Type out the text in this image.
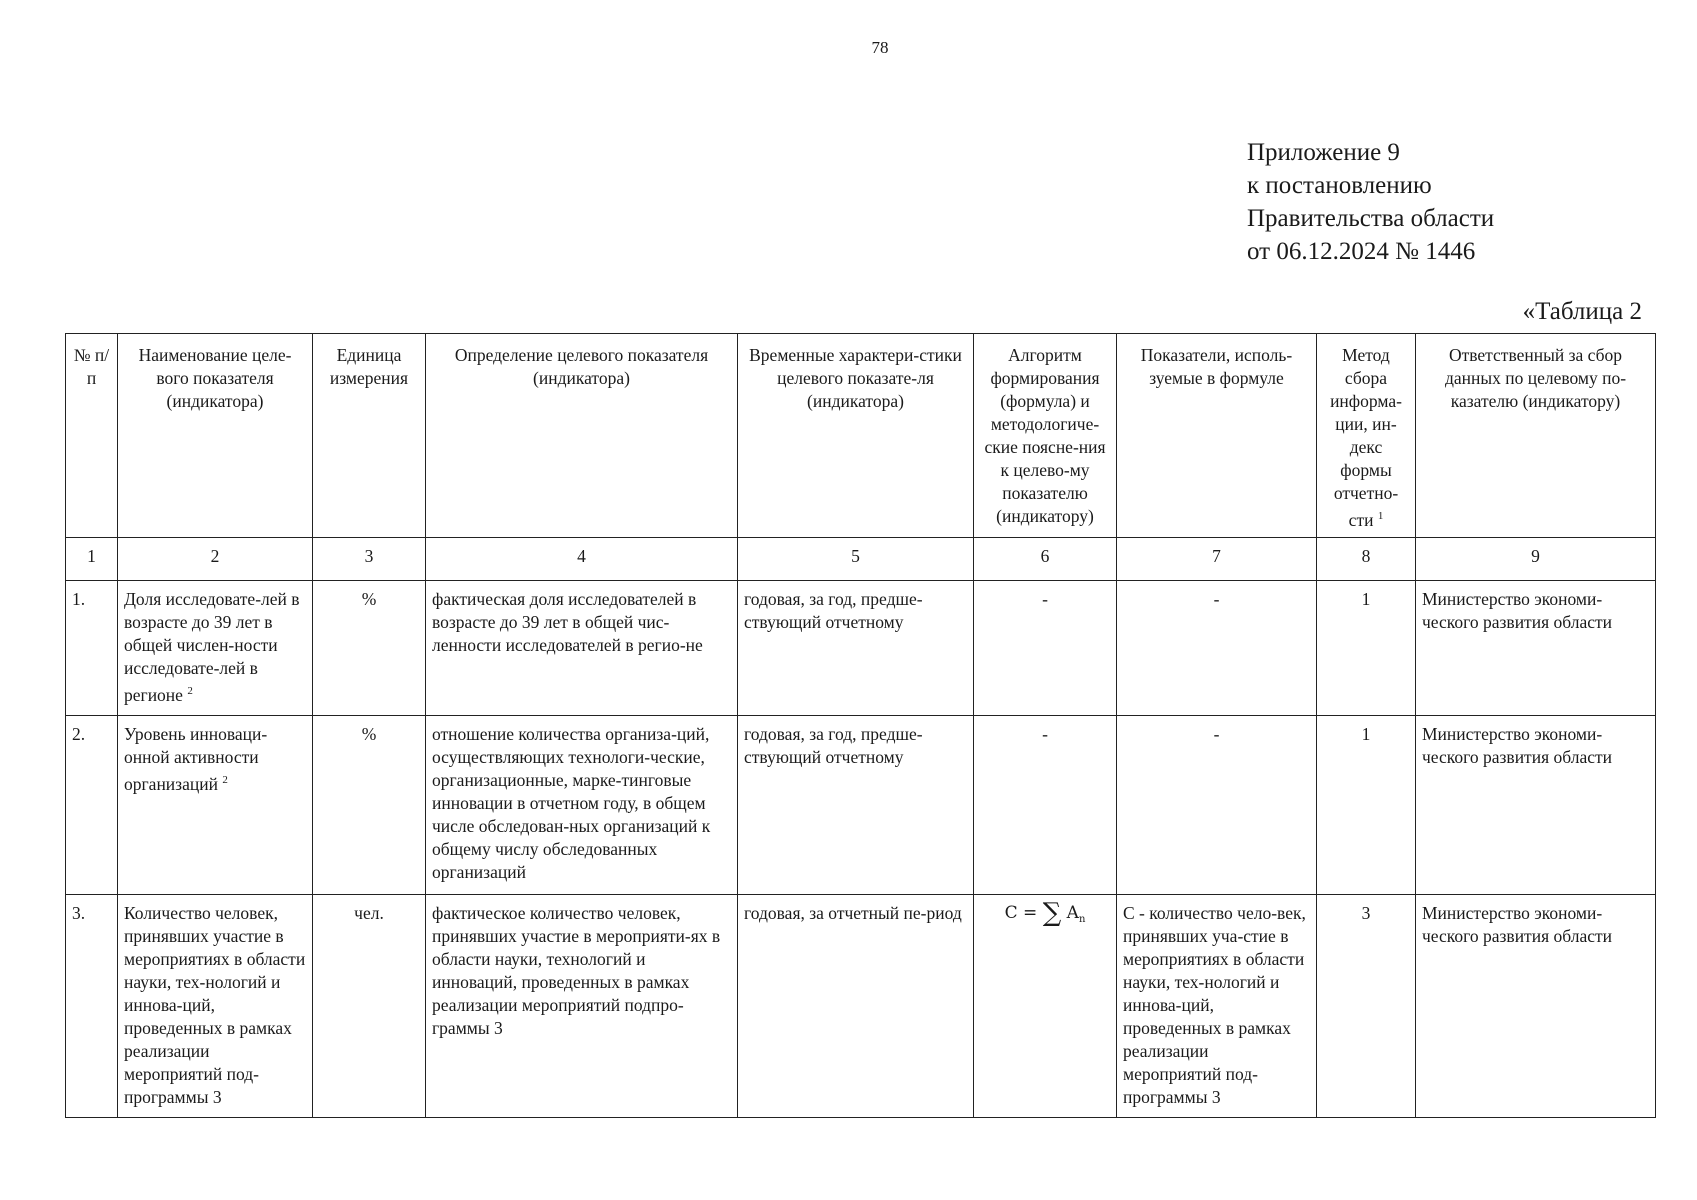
78
Приложение 9
к постановлению
Правительства области
от 06.12.2024 № 1446
«Таблица 2
№ п/п	Наименование целе-вого показателя (индикатора)	Единица измерения	Определение целевого показателя (индикатора)	Временные характери-стики целевого показате-ля (индикатора)	Алгоритм формирования (формула) и методологиче-ские поясне-ния к целево-му показателю (индикатору)	Показатели, исполь-зуемые в формуле	Метод сбора информа-ции, ин-декс формы отчетно-сти $^1$	Ответственный за сбор данных по целевому по-казателю (индикатору)
1	2	3	4	5	6	7	8	9
1.	Доля исследовате-лей в возрасте до 39 лет в общей числен-ности исследовате-лей в регионе $^2$	%	фактическая доля исследователей в возрасте до 39 лет в общей чис-ленности исследователей в регио-не	годовая, за год, предше-ствующий отчетному	-	-	1	Министерство экономи-ческого развития области
2.	Уровень инноваци-онной активности организаций $^2$	%	отношение количества организа-ций, осуществляющих технологи-ческие, организационные, марке-тинговые инновации в отчетном году, в общем числе обследован-ных организаций к общему числу обследованных организаций	годовая, за год, предше-ствующий отчетному	-	-	1	Министерство экономи-ческого развития области
3.	Количество человек, принявших участие в мероприятиях в области науки, тех-нологий и иннова-ций, проведенных в рамках реализации мероприятий под-программы 3	чел.	фактическое количество человек, принявших участие в мероприяти-ях в области науки, технологий и инноваций, проведенных в рамках реализации мероприятий подпро-граммы 3	годовая, за отчетный пе-риод	C = ∑ $A_n$	С - количество чело-век, принявших уча-стие в мероприятиях в области науки, тех-нологий и иннова-ций, проведенных в рамках реализации мероприятий под-программы 3	3	Министерство экономи-ческого развития области
